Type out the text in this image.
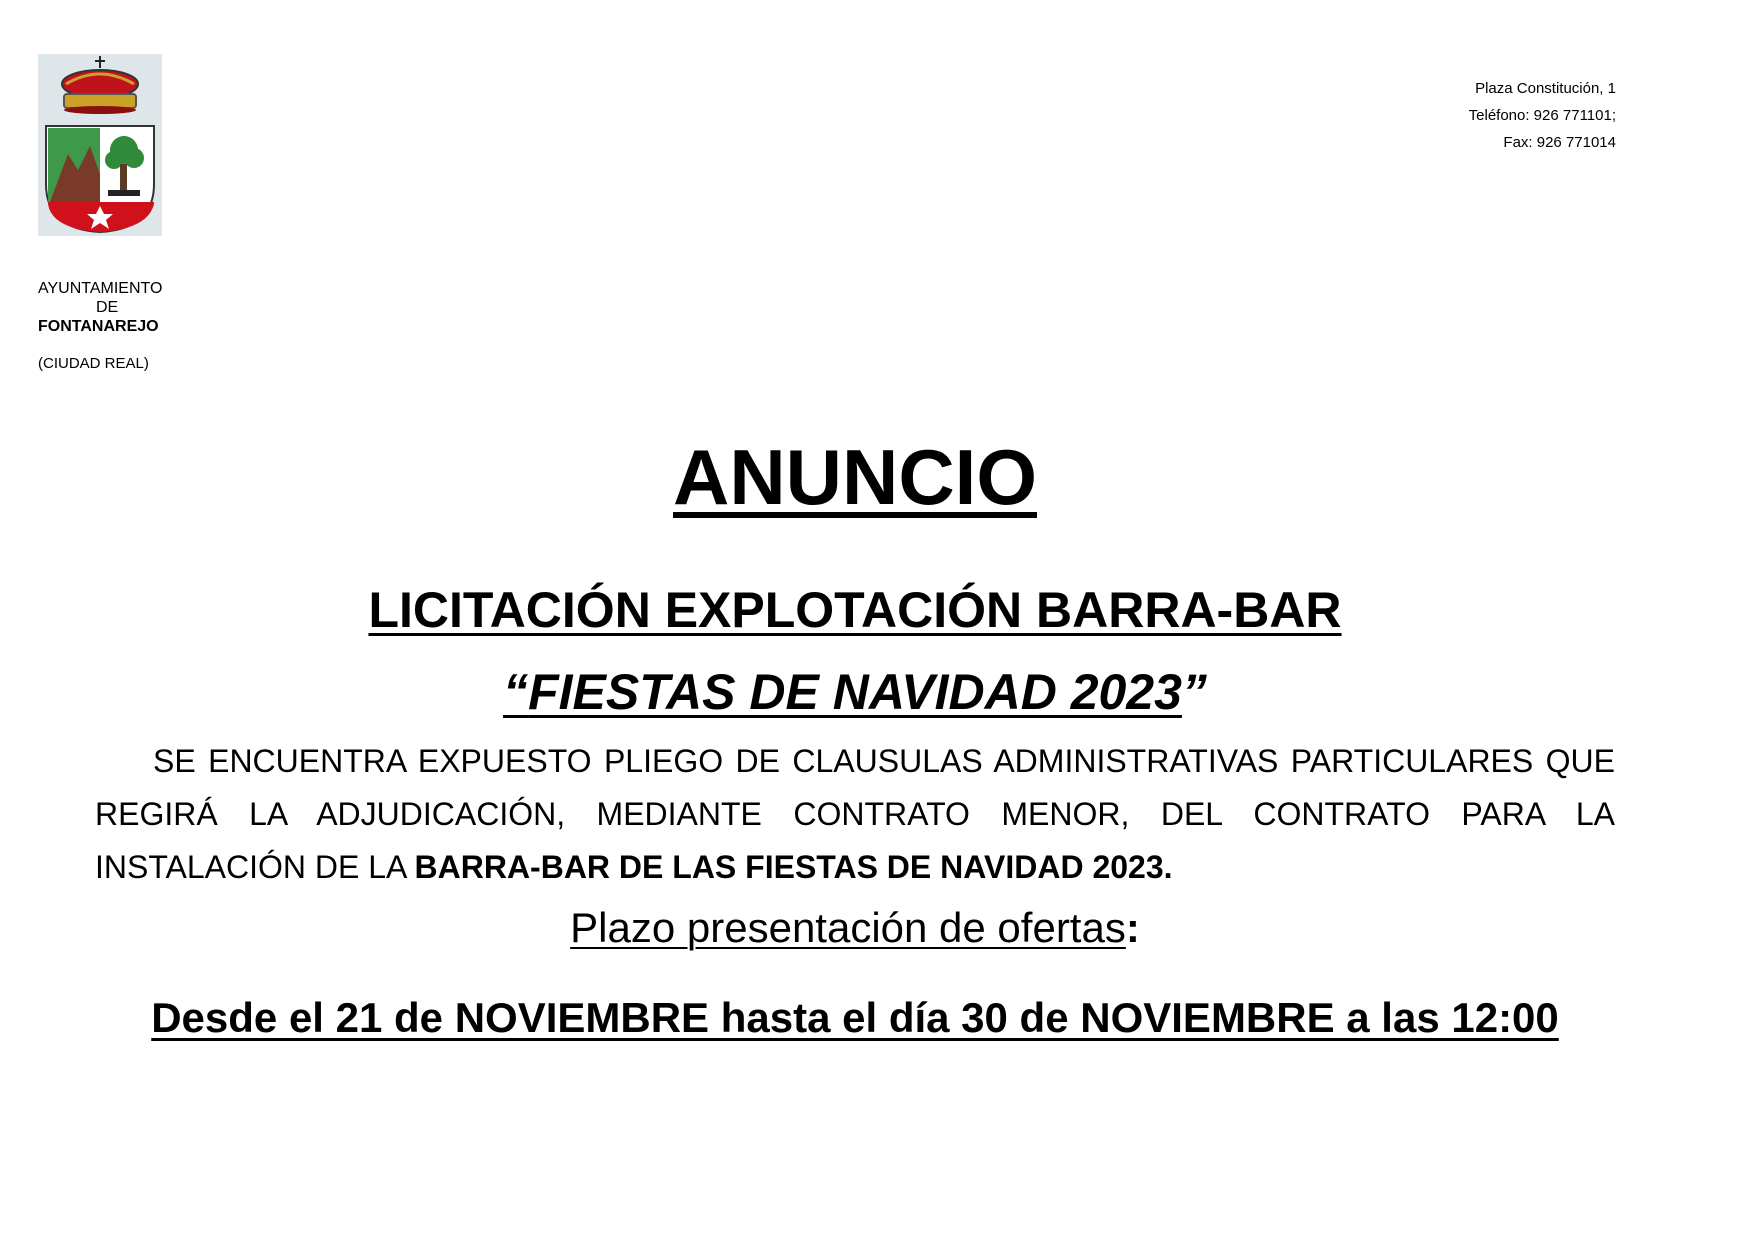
AYUNTAMIENTO
DE
FONTANAREJO
(CIUDAD REAL)
Plaza Constitución, 1
Teléfono: 926 771101;
Fax: 926 771014
ANUNCIO
LICITACIÓN EXPLOTACIÓN BARRA-BAR
“FIESTAS DE NAVIDAD 2023”
SE ENCUENTRA EXPUESTO PLIEGO DE CLAUSULAS ADMINISTRATIVAS PARTICULARES QUE REGIRÁ LA ADJUDICACIÓN, MEDIANTE CONTRATO MENOR, DEL CONTRATO PARA LA INSTALACIÓN DE LA BARRA-BAR DE LAS FIESTAS DE NAVIDAD 2023.
Plazo presentación de ofertas:
Desde el 21 de NOVIEMBRE hasta el día 30 de NOVIEMBRE a las 12:00
